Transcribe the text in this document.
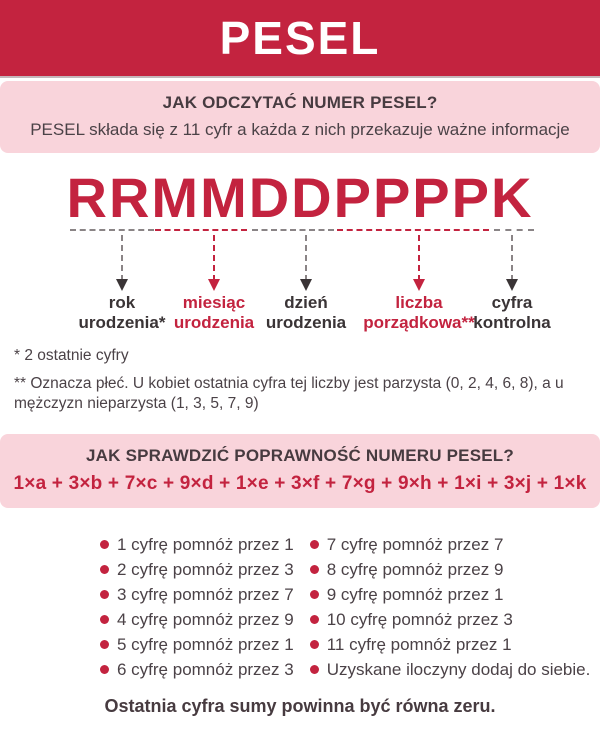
PESEL
JAK ODCZYTAĆ NUMER PESEL?

PESEL składa się z 11 cyfr a każda z nich przekazuje ważne informacje

RRMMDDPPPPK
rok
urodzenia*
miesiąc
urodzenia
dzień
urodzenia
liczba
porządkowa**
cyfra
kontrolna

* 2 ostatnie cyfry

** Oznacza płeć. U kobiet ostatnia cyfra tej liczby jest parzysta (0, 2, 4, 6, 8), a u mężczyzn nieparzysta (1, 3, 5, 7, 9)

JAK SPRAWDZIĆ POPRAWNOŚĆ NUMERU PESEL?

1×a + 3×b + 7×c + 9×d + 1×e + 3×f + 7×g + 9×h + 1×i + 3×j + 1×k

1 cyfrę pomnóż przez 1
2 cyfrę pomnóż przez 3
3 cyfrę pomnóż przez 7
4 cyfrę pomnóż przez 9
5 cyfrę pomnóż przez 1
6 cyfrę pomnóż przez 3
7 cyfrę pomnóż przez 7
8 cyfrę pomnóż przez 9
9 cyfrę pomnóż przez 1
10 cyfrę pomnóż przez 3
11 cyfrę pomnóż przez 1
Uzyskane iloczyny dodaj do siebie.

Ostatnia cyfra sumy powinna być równa zeru.
